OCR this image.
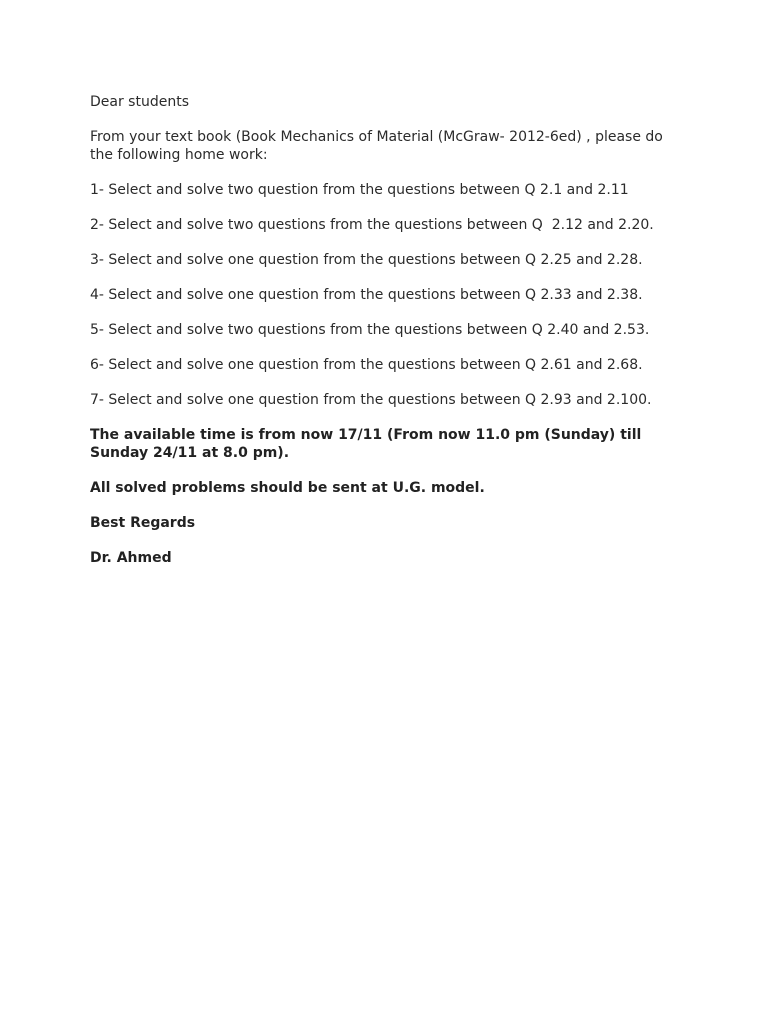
Dear students

From your text book (Book Mechanics of Material (McGraw- 2012-6ed) , please do the following home work:

1- Select and solve two question from the questions between Q 2.1 and 2.11

2- Select and solve two questions from the questions between Q  2.12 and 2.20.

3- Select and solve one question from the questions between Q 2.25 and 2.28.

4- Select and solve one question from the questions between Q 2.33 and 2.38.

5- Select and solve two questions from the questions between Q 2.40 and 2.53.

6- Select and solve one question from the questions between Q 2.61 and 2.68.

7- Select and solve one question from the questions between Q 2.93 and 2.100.

The available time is from now 17/11 (From now 11.0 pm (Sunday) till Sunday 24/11 at 8.0 pm).

All solved problems should be sent at U.G. model.

Best Regards

Dr. Ahmed
